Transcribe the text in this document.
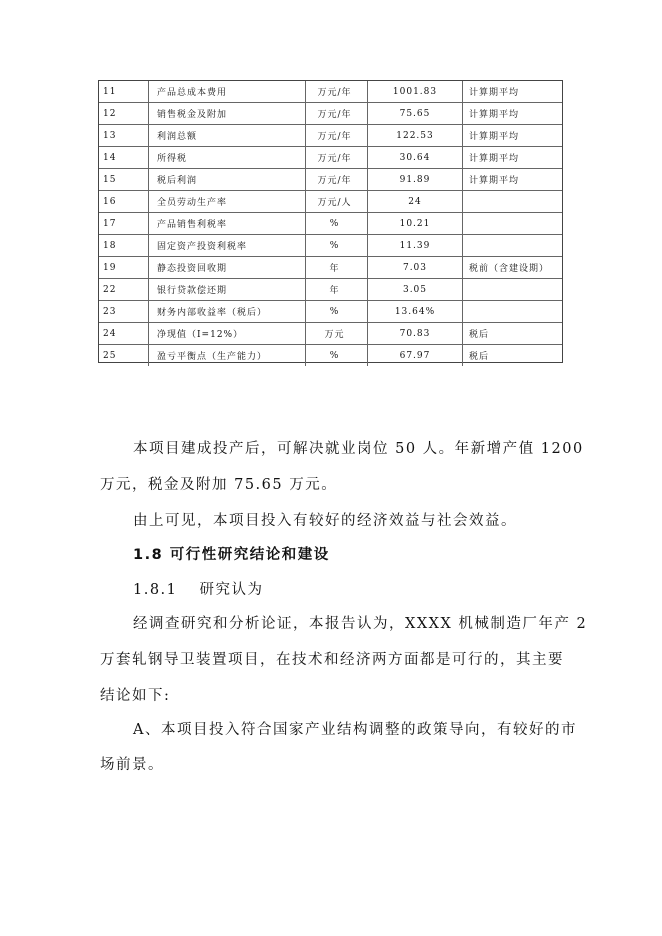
11	产品总成本费用	万元/年	1001.83	计算期平均
12	销售税金及附加	万元/年	75.65	计算期平均
13	利润总额	万元/年	122.53	计算期平均
14	所得税	万元/年	30.64	计算期平均
15	税后利润	万元/年	91.89	计算期平均
16	全员劳动生产率	万元/人	24	
17	产品销售利税率	%	10.21	
18	固定资产投资利税率	%	11.39	
19	静态投资回收期	年	7.03	税前（含建设期）
22	银行贷款偿还期	年	3.05	
23	财务内部收益率（税后）	%	13.64%	
24	净现值（I=12%）	万元	70.83	税后
25	盈亏平衡点（生产能力）	%	67.97	税后
本项目建成投产后，可解决就业岗位 50 人。年新增产值 1200
万元，税金及附加 75.65 万元。
由上可见，本项目投入有较好的经济效益与社会效益。
1.8 可行性研究结论和建设
1.8.1　 研究认为
经调查研究和分析论证，本报告认为，XXXX 机械制造厂年产 2
万套轧钢导卫装置项目，在技术和经济两方面都是可行的，其主要
结论如下:
A、本项目投入符合国家产业结构调整的政策导向，有较好的市
场前景。
